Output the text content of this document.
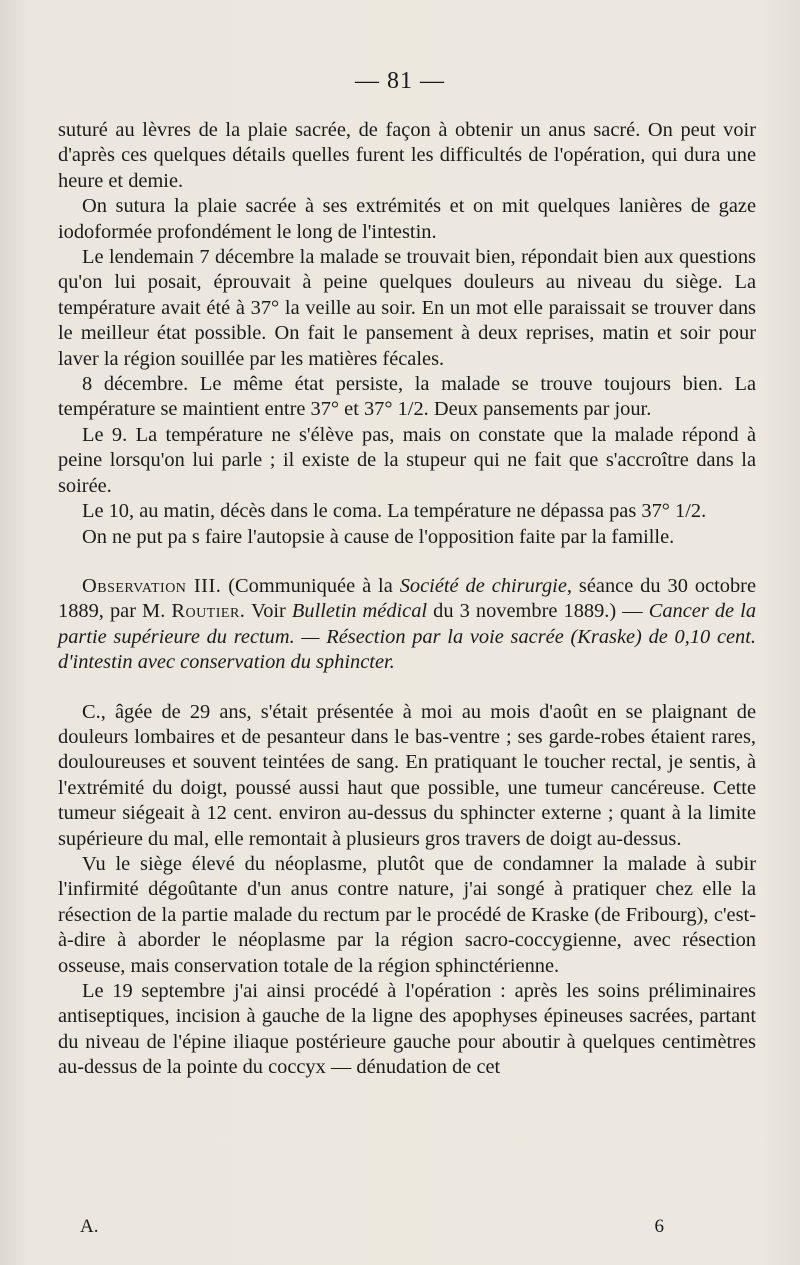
— 81 —

suturé au lèvres de la plaie sacrée, de façon à obtenir un anus sacré. On peut voir d'après ces quelques détails quelles furent les difficultés de l'opération, qui dura une heure et demie.

On sutura la plaie sacrée à ses extrémités et on mit quelques lanières de gaze iodoformée profondément le long de l'intestin.

Le lendemain 7 décembre la malade se trouvait bien, répondait bien aux questions qu'on lui posait, éprouvait à peine quelques douleurs au niveau du siège. La température avait été à 37° la veille au soir. En un mot elle paraissait se trouver dans le meilleur état possible. On fait le pansement à deux reprises, matin et soir pour laver la région souillée par les matières fécales.

8 décembre. Le même état persiste, la malade se trouve toujours bien. La température se maintient entre 37° et 37° 1/2. Deux pansements par jour.

Le 9. La température ne s'élève pas, mais on constate que la malade répond à peine lorsqu'on lui parle ; il existe de la stupeur qui ne fait que s'accroître dans la soirée.

Le 10, au matin, décès dans le coma. La température ne dépassa pas 37° 1/2.

On ne put pa s faire l'autopsie à cause de l'opposition faite par la famille.

Observation III. (Communiquée à la Société de chirurgie, séance du 30 octobre 1889, par M. Routier. Voir Bulletin médical du 3 novembre 1889.) — Cancer de la partie supérieure du rectum. — Résection par la voie sacrée (Kraske) de 0,10 cent. d'intestin avec conservation du sphincter.

C., âgée de 29 ans, s'était présentée à moi au mois d'août en se plaignant de douleurs lombaires et de pesanteur dans le bas-ventre ; ses garde-robes étaient rares, douloureuses et souvent teintées de sang. En pratiquant le toucher rectal, je sentis, à l'extrémité du doigt, poussé aussi haut que possible, une tumeur cancéreuse. Cette tumeur siégeait à 12 cent. environ au-dessus du sphincter externe ; quant à la limite supérieure du mal, elle remontait à plusieurs gros travers de doigt au-dessus.

Vu le siège élevé du néoplasme, plutôt que de condamner la malade à subir l'infirmité dégoûtante d'un anus contre nature, j'ai songé à pratiquer chez elle la résection de la partie malade du rectum par le procédé de Kraske (de Fribourg), c'est-à-dire à aborder le néoplasme par la région sacro-coccygienne, avec résection osseuse, mais conservation totale de la région sphinctérienne.

Le 19 septembre j'ai ainsi procédé à l'opération : après les soins préliminaires antiseptiques, incision à gauche de la ligne des apophyses épineuses sacrées, partant du niveau de l'épine iliaque postérieure gauche pour aboutir à quelques centimètres au-dessus de la pointe du coccyx — dénudation de cet

A.	6
